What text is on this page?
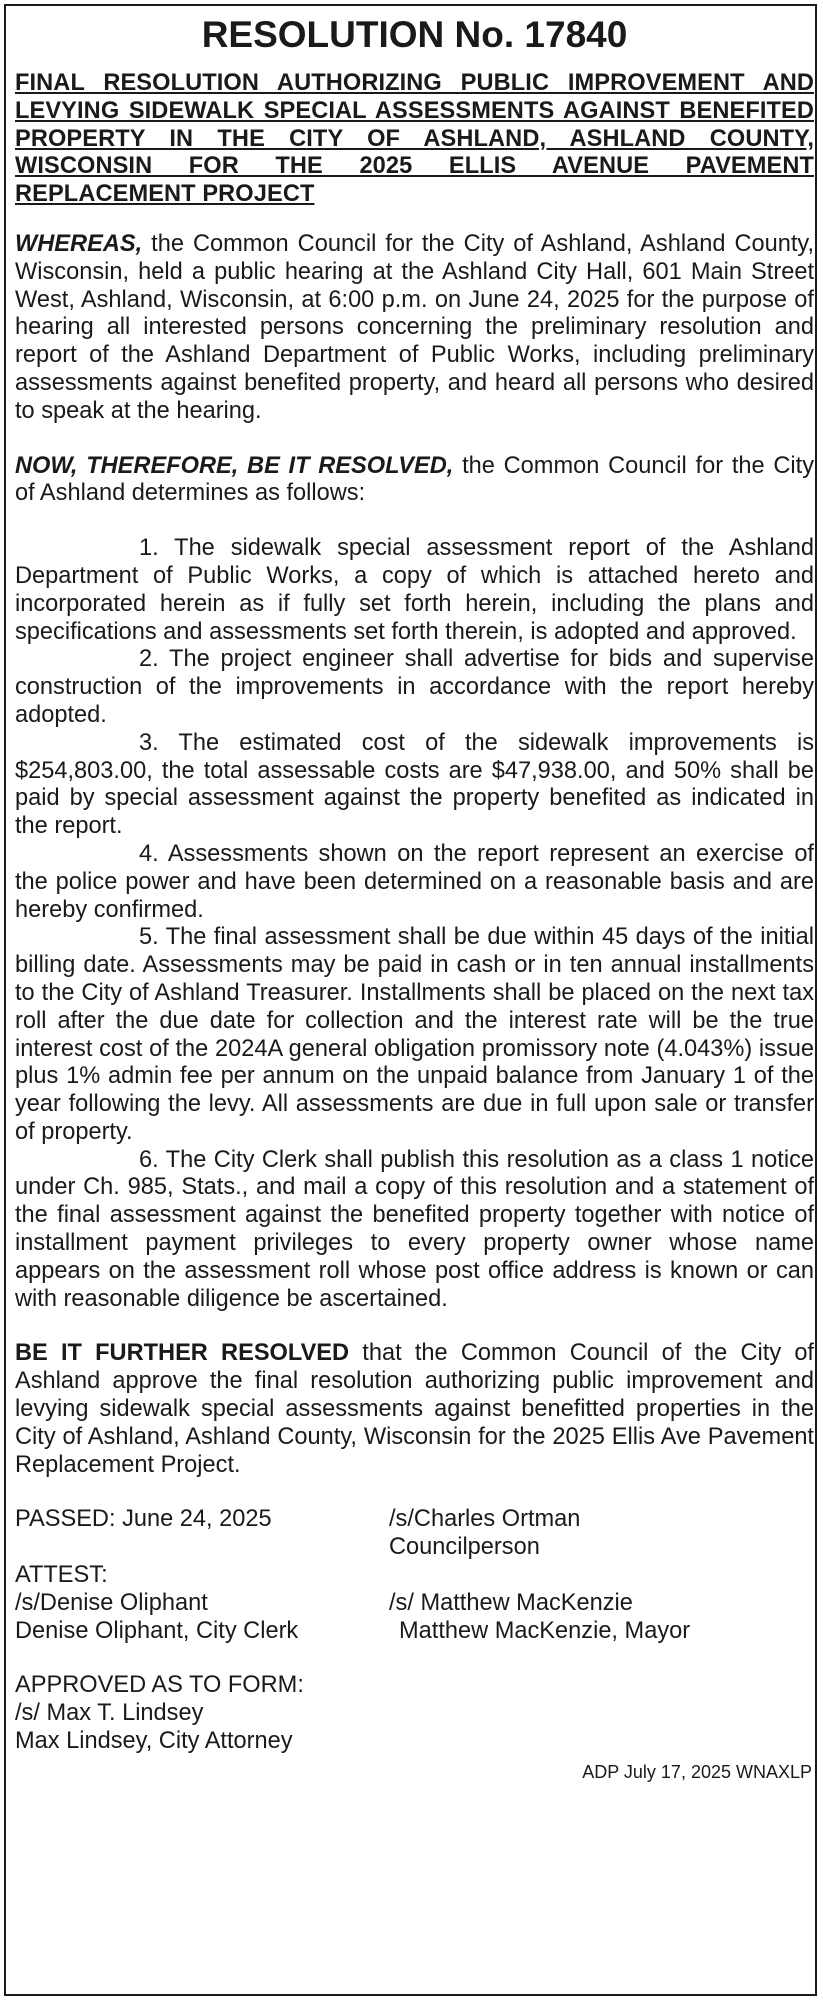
RESOLUTION No. 17840
FINAL RESOLUTION AUTHORIZING PUBLIC IMPROVEMENT AND LEVYING SIDEWALK SPECIAL ASSESSMENTS AGAINST BENEFITED PROPERTY IN THE CITY OF ASHLAND, ASHLAND COUNTY, WISCONSIN FOR THE 2025 ELLIS AVENUE PAVEMENT REPLACEMENT PROJECT

WHEREAS, the Common Council for the City of Ashland, Ashland County, Wisconsin, held a public hearing at the Ashland City Hall, 601 Main Street West, Ashland, Wisconsin, at 6:00 p.m. on June 24, 2025 for the purpose of hearing all interested persons concerning the preliminary resolution and report of the Ashland Department of Public Works, including preliminary assessments against benefited property, and heard all persons who desired to speak at the hearing.

NOW, THEREFORE, BE IT RESOLVED, the Common Council for the City of Ashland determines as follows:

1. The sidewalk special assessment report of the Ashland Department of Public Works, a copy of which is attached hereto and incorporated herein as if fully set forth herein, including the plans and specifications and assessments set forth therein, is adopted and approved.

2. The project engineer shall advertise for bids and supervise construction of the improvements in accordance with the report hereby adopted.

3. The estimated cost of the sidewalk improvements is $254,803.00, the total assessable costs are $47,938.00, and 50% shall be paid by special assessment against the property benefited as indicated in the report.

4. Assessments shown on the report represent an exercise of the police power and have been determined on a reasonable basis and are hereby confirmed.

5. The final assessment shall be due within 45 days of the initial billing date. Assessments may be paid in cash or in ten annual installments to the City of Ashland Treasurer. Installments shall be placed on the next tax roll after the due date for collection and the interest rate will be the true interest cost of the 2024A general obligation promissory note (4.043%) issue plus 1% admin fee per annum on the unpaid balance from January 1 of the year following the levy. All assessments are due in full upon sale or transfer of property.

6. The City Clerk shall publish this resolution as a class 1 notice under Ch. 985, Stats., and mail a copy of this resolution and a statement of the final assessment against the benefited property together with notice of installment payment privileges to every property owner whose name appears on the assessment roll whose post office address is known or can with reasonable diligence be ascertained.

BE IT FURTHER RESOLVED that the Common Council of the City of Ashland approve the final resolution authorizing public improvement and levying sidewalk special assessments against benefitted properties in the City of Ashland, Ashland County, Wisconsin for the 2025 Ellis Ave Pavement Replacement Project.

PASSED: June 24, 2025	/s/Charles Ortman
Councilperson
ATTEST:
/s/Denise Oliphant	/s/ Matthew MacKenzie
Denise Oliphant, City Clerk	Matthew MacKenzie, Mayor
APPROVED AS TO FORM:
/s/ Max T. Lindsey
Max Lindsey, City Attorney
ADP July 17, 2025 WNAXLP
